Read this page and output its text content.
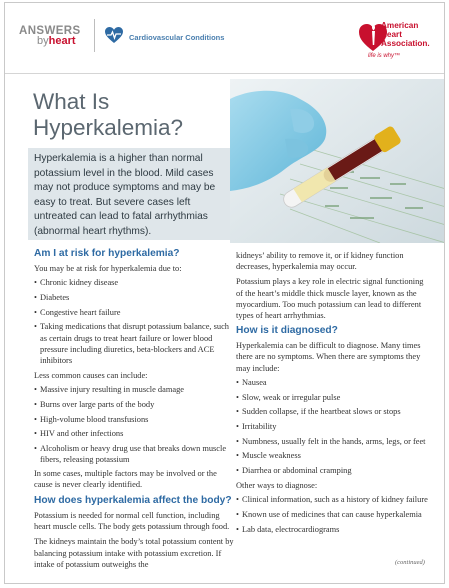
ANSWERS
byheart	Cardiovascular Conditions
American
Heart
Association.
life is why™
What Is
Hyperkalemia?
Hyperkalemia is a higher than normal potassium level in the blood. Mild cases may not produce symptoms and may be easy to treat. But severe cases left untreated can lead to fatal arrhythmias (abnormal heart rhythms).
Am I at risk for hyperkalemia?
You may be at risk for hyperkalemia due to:
• Chronic kidney disease
• Diabetes
• Congestive heart failure
• Taking medications that disrupt potassium balance, such as certain drugs to treat heart failure or lower blood pressure including diuretics, beta-blockers and ACE inhibitors
Less common causes can include:
• Massive injury resulting in muscle damage
• Burns over large parts of the body
• High-volume blood transfusions
• HIV and other infections
• Alcoholism or heavy drug use that breaks down muscle fibers, releasing potassium
In some cases, multiple factors may be involved or the cause is never clearly identified.
How does hyperkalemia affect the body?
Potassium is needed for normal cell function, including heart muscle cells. The body gets potassium through food.
The kidneys maintain the body’s total potassium content by balancing potassium intake with potassium excretion. If intake of potassium outweighs the
kidneys’ ability to remove it, or if kidney function decreases, hyperkalemia may occur.
Potassium plays a key role in electric signal functioning of the heart’s middle thick muscle layer, known as the myocardium. Too much potassium can lead to different types of heart arrhythmias.
How is it diagnosed?
Hyperkalemia can be difficult to diagnose. Many times there are no symptoms. When there are symptoms they may include:
• Nausea
• Slow, weak or irregular pulse
• Sudden collapse, if the heartbeat slows or stops
• Irritability
• Numbness, usually felt in the hands, arms, legs, or feet
• Muscle weakness
• Diarrhea or abdominal cramping
Other ways to diagnose:
• Clinical information, such as a history of kidney failure
• Known use of medicines that can cause hyperkalemia
• Lab data, electrocardiograms
(continued)
